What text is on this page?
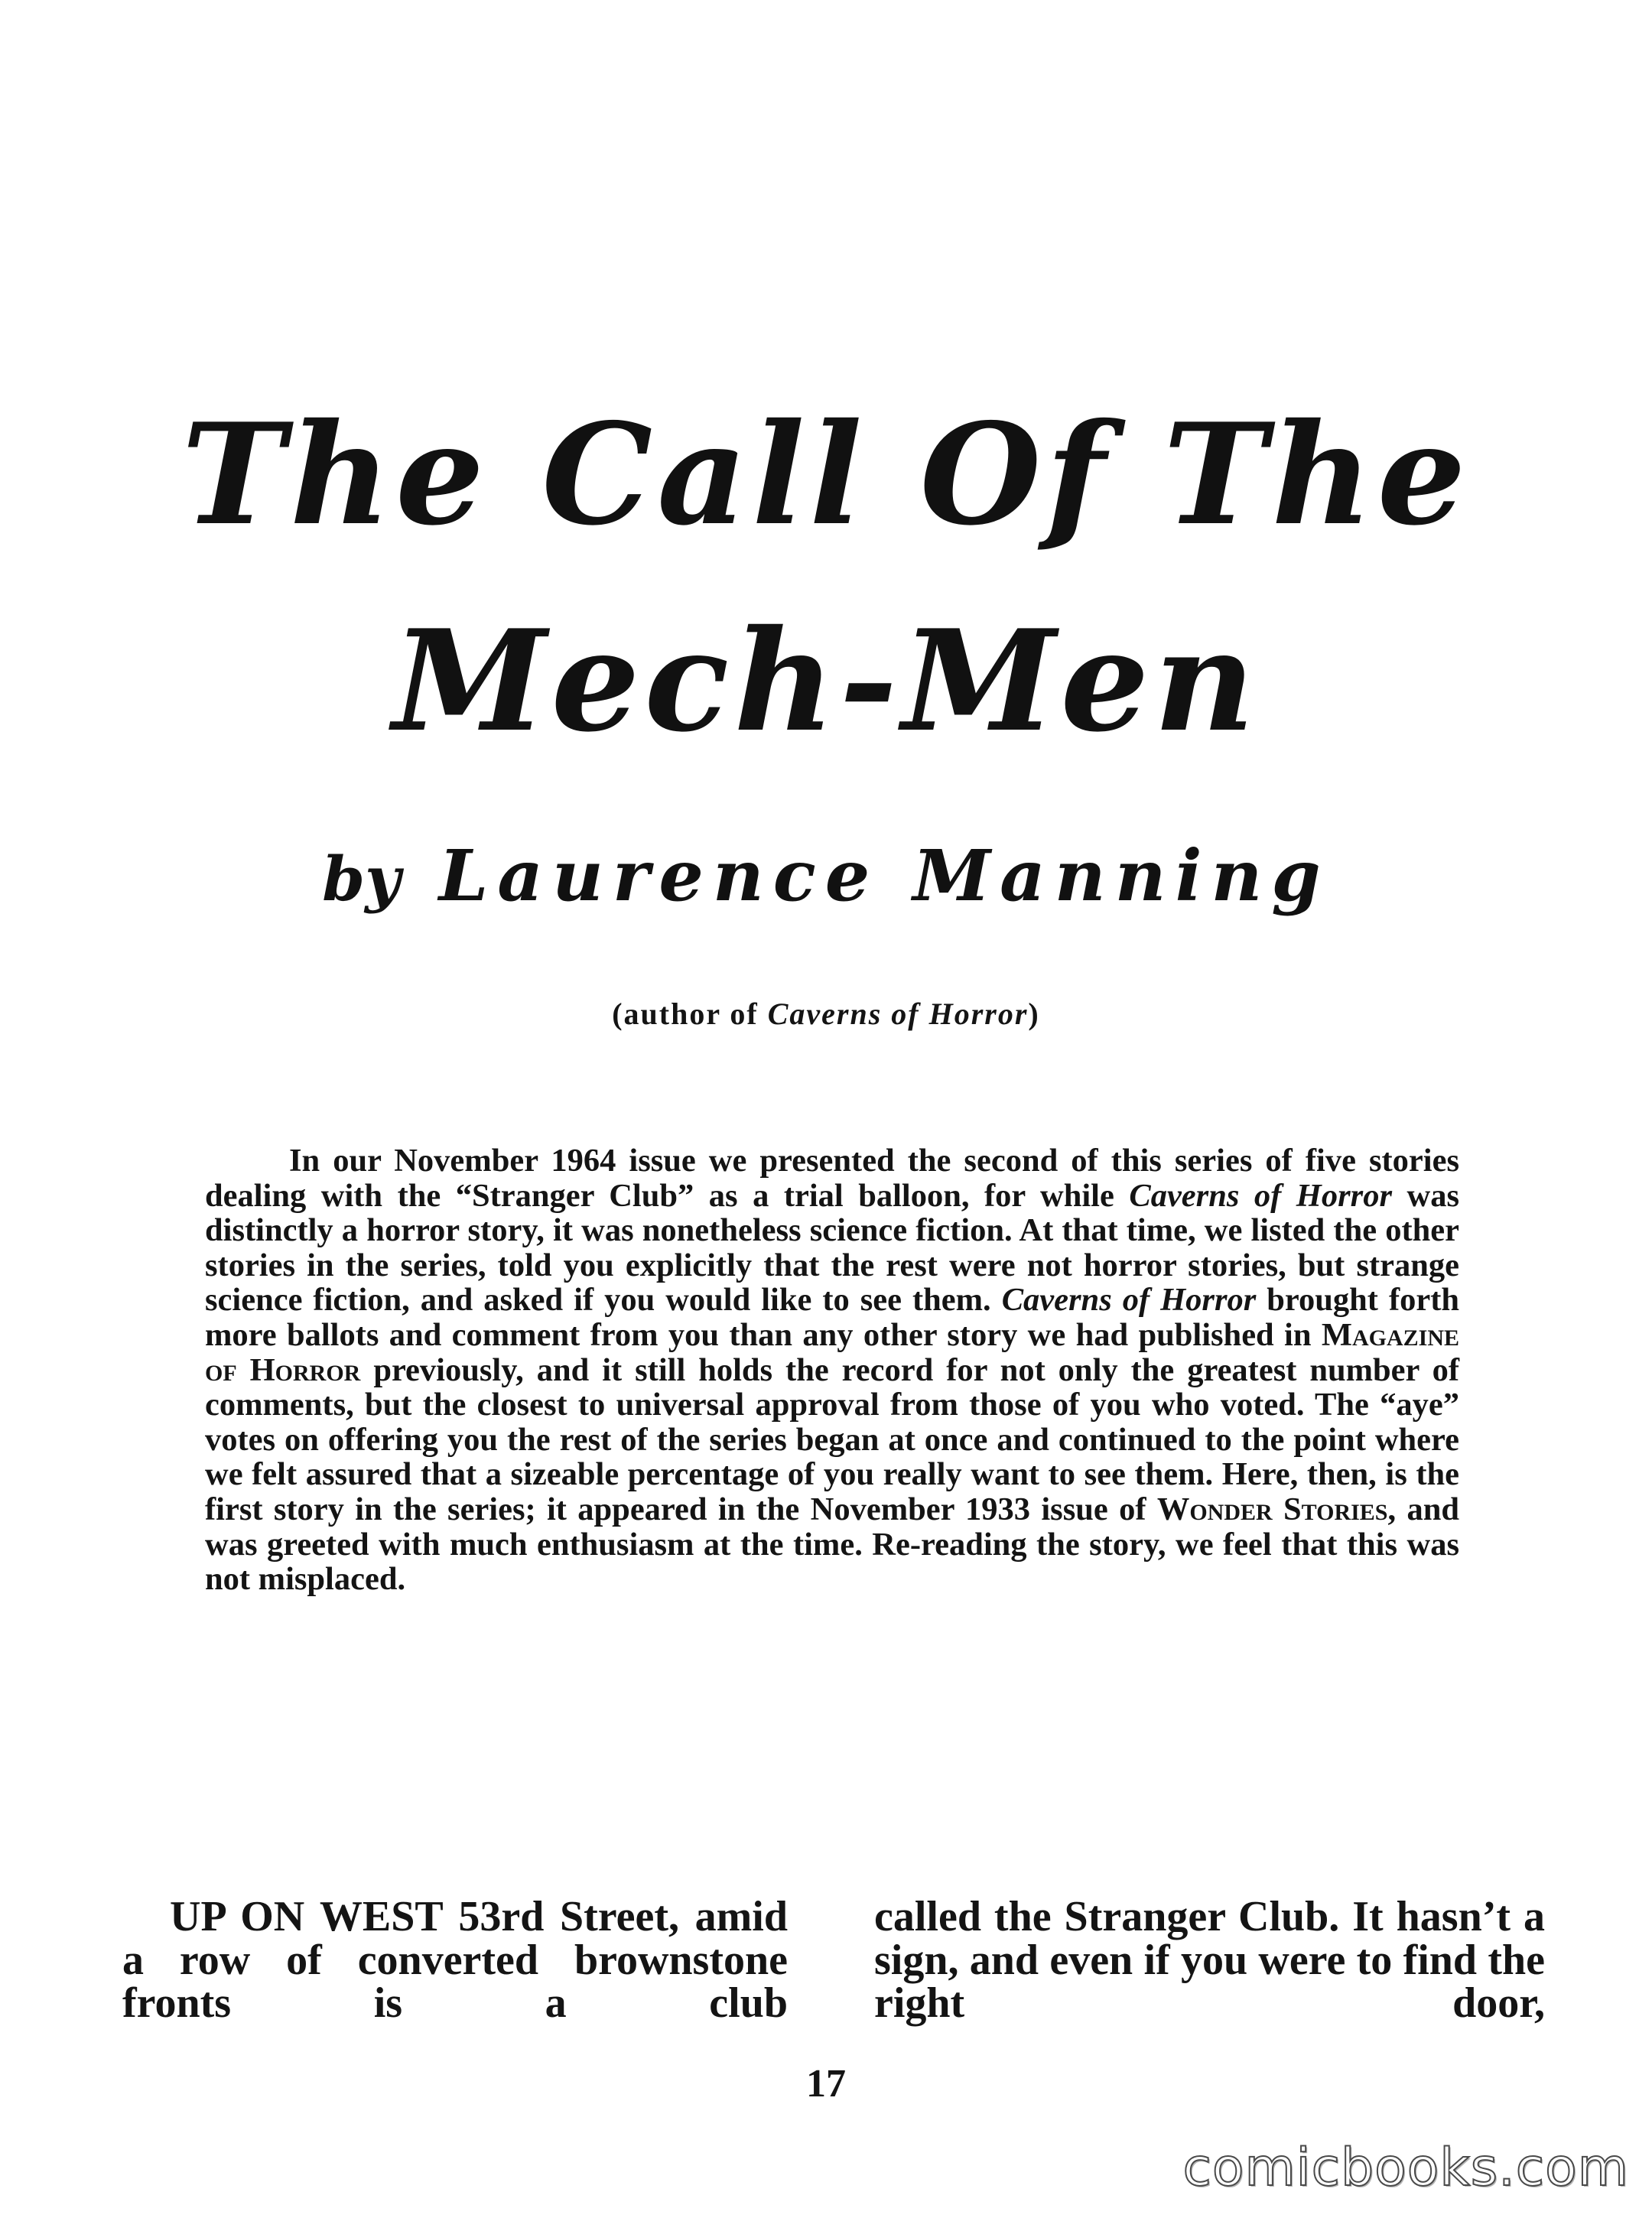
The Call Of The
Mech-Men
by Laurence Manning
(author of Caverns of Horror)

In our November 1964 issue we presented the second of this series of five stories dealing with the “Stranger Club” as a trial balloon, for while Caverns of Horror was distinctly a horror story, it was nonetheless science fiction. At that time, we listed the other stories in the series, told you explicitly that the rest were not horror stories, but strange science fiction, and asked if you would like to see them. Caverns of Horror brought forth more ballots and comment from you than any other story we had published in Magazine of Horror previously, and it still holds the record for not only the greatest number of comments, but the closest to universal approval from those of you who voted. The “aye” votes on offering you the rest of the series began at once and continued to the point where we felt assured that a sizeable percentage of you really want to see them. Here, then, is the first story in the series; it appeared in the November 1933 issue of Wonder Stories, and was greeted with much enthusiasm at the time. Re-reading the story, we feel that this was not misplaced.

UP ON WEST 53rd Street, amid a row of converted brownstone fronts is a club

called the Stranger Club. It hasn’t a sign, and even if you were to find the right door,

17
comicbooks.com
